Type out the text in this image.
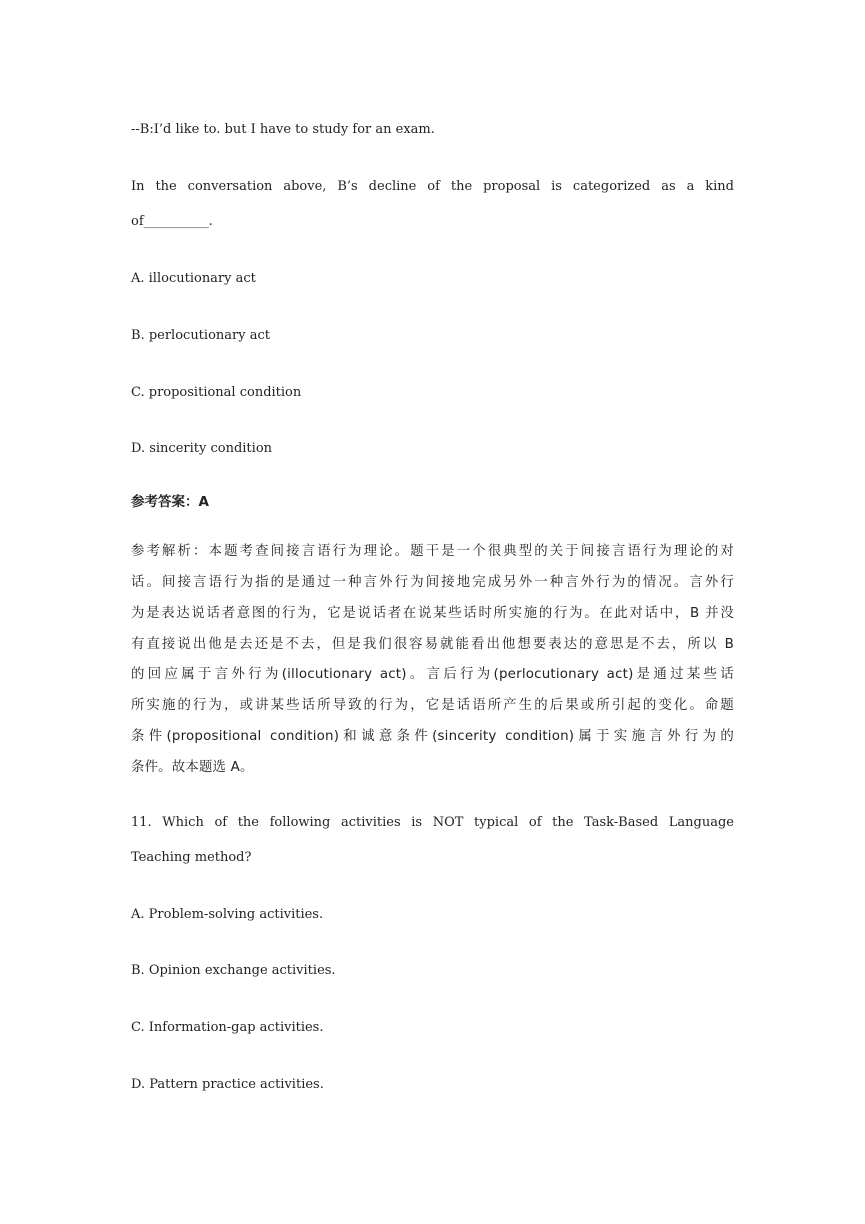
--B:I’d like to. but I have to study for an exam.
In the conversation above, B’s decline of the proposal is categorized as a kind
of__________.
A. illocutionary act
B. perlocutionary act
C. propositional condition
D. sincerity condition
参考答案：A
参考解析：本题考查间接言语行为理论。题干是一个很典型的关于间接言语行为理论的对
话。间接言语行为指的是通过一种言外行为间接地完成另外一种言外行为的情况。言外行
为是表达说话者意图的行为，它是说话者在说某些话时所实施的行为。在此对话中，B 并没
有直接说出他是去还是不去，但是我们很容易就能看出他想要表达的意思是不去，所以 B
的回应属于言外行为(illocutionary act)。言后行为(perlocutionary act)是通过某些话
所实施的行为，或讲某些话所导致的行为，它是话语所产生的后果或所引起的变化。命题
条件(propositional condition)和诚意条件(sincerity condition)属于实施言外行为的
条件。故本题选 A。
11. Which of the following activities is NOT typical of the Task-Based Language
Teaching method?
A. Problem-solving activities.
B. Opinion exchange activities.
C. Information-gap activities.
D. Pattern practice activities.
